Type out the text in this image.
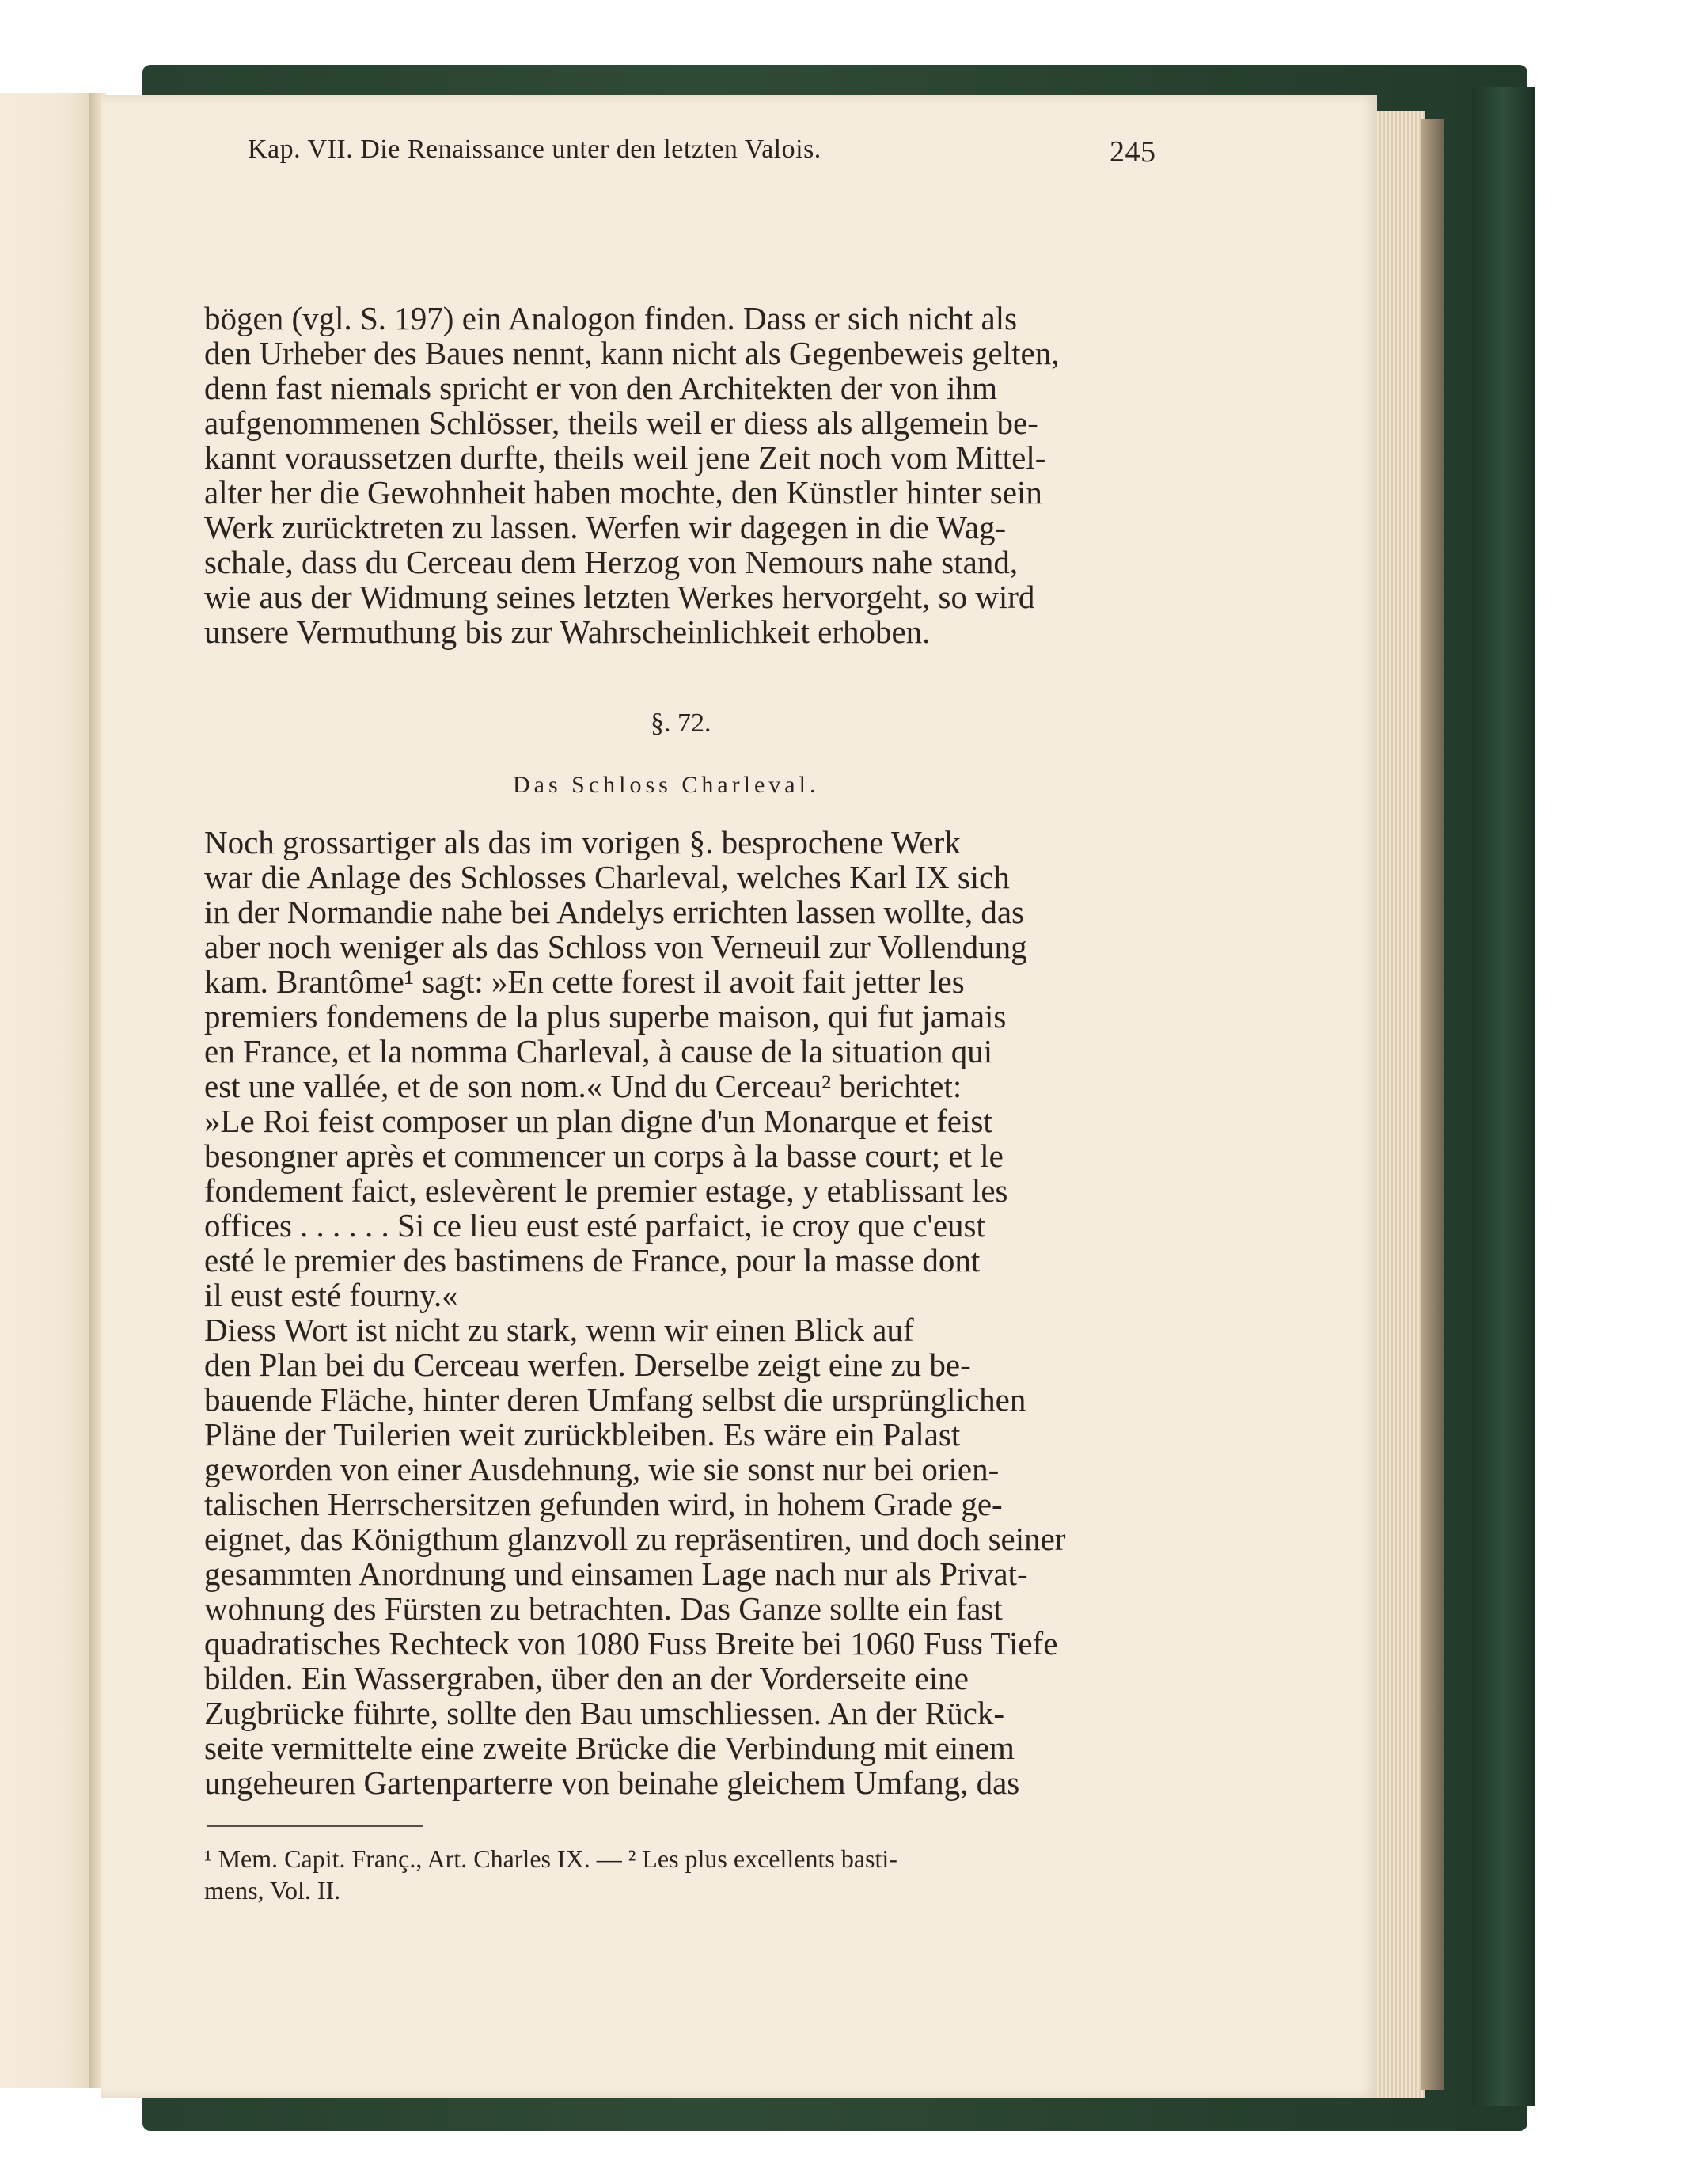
Kap. VII. Die Renaissance unter den letzten Valois.	245
bögen (vgl. S. 197) ein Analogon finden. Dass er sich nicht als
den Urheber des Baues nennt, kann nicht als Gegenbeweis gelten,
denn fast niemals spricht er von den Architekten der von ihm
aufgenommenen Schlösser, theils weil er diess als allgemein be-
kannt voraussetzen durfte, theils weil jene Zeit noch vom Mittel-
alter her die Gewohnheit haben mochte, den Künstler hinter sein
Werk zurücktreten zu lassen. Werfen wir dagegen in die Wag-
schale, dass du Cerceau dem Herzog von Nemours nahe stand,
wie aus der Widmung seines letzten Werkes hervorgeht, so wird
unsere Vermuthung bis zur Wahrscheinlichkeit erhoben.
§. 72.
Das Schloss Charleval.
Noch grossartiger als das im vorigen §. besprochene Werk
war die Anlage des Schlosses Charleval, welches Karl IX sich
in der Normandie nahe bei Andelys errichten lassen wollte, das
aber noch weniger als das Schloss von Verneuil zur Vollendung
kam. Brantôme¹ sagt: »En cette forest il avoit fait jetter les
premiers fondemens de la plus superbe maison, qui fut jamais
en France, et la nomma Charleval, à cause de la situation qui
est une vallée, et de son nom.« Und du Cerceau² berichtet:
»Le Roi feist composer un plan digne d'un Monarque et feist
besongner après et commencer un corps à la basse court; et le
fondement faict, eslevèrent le premier estage, y etablissant les
offices . . . . . . Si ce lieu eust esté parfaict, ie croy que c'eust
esté le premier des bastimens de France, pour la masse dont
il eust esté fourny.«
Diess Wort ist nicht zu stark, wenn wir einen Blick auf
den Plan bei du Cerceau werfen. Derselbe zeigt eine zu be-
bauende Fläche, hinter deren Umfang selbst die ursprünglichen
Pläne der Tuilerien weit zurückbleiben. Es wäre ein Palast
geworden von einer Ausdehnung, wie sie sonst nur bei orien-
talischen Herrschersitzen gefunden wird, in hohem Grade ge-
eignet, das Königthum glanzvoll zu repräsentiren, und doch seiner
gesammten Anordnung und einsamen Lage nach nur als Privat-
wohnung des Fürsten zu betrachten. Das Ganze sollte ein fast
quadratisches Rechteck von 1080 Fuss Breite bei 1060 Fuss Tiefe
bilden. Ein Wassergraben, über den an der Vorderseite eine
Zugbrücke führte, sollte den Bau umschliessen. An der Rück-
seite vermittelte eine zweite Brücke die Verbindung mit einem
ungeheuren Gartenparterre von beinahe gleichem Umfang, das
¹ Mem. Capit. Franç., Art. Charles IX. — ² Les plus excellents basti-
mens, Vol. II.
